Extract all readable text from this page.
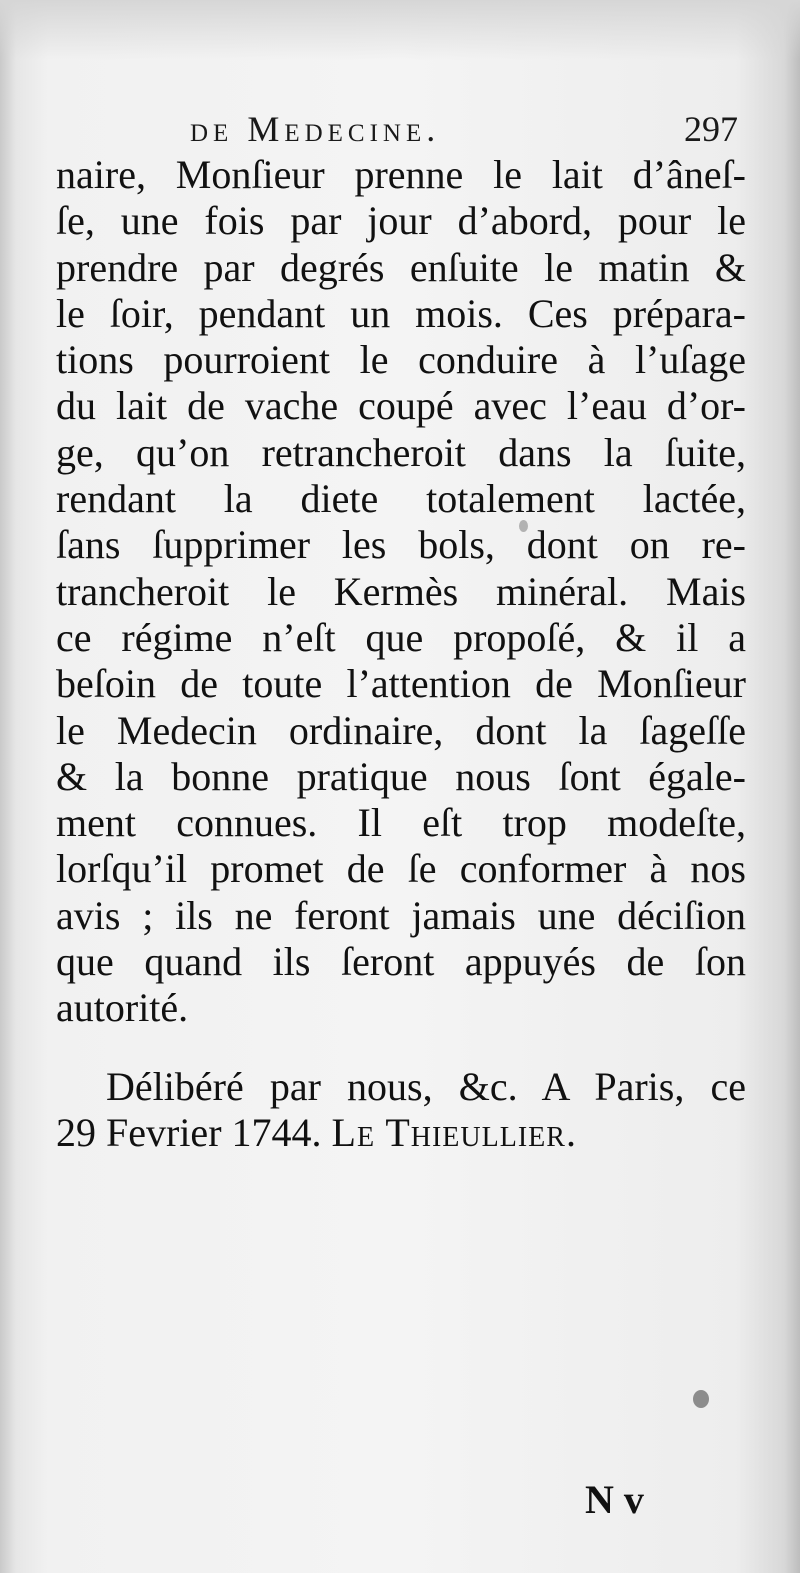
de Medecine.	297
naire, Monſieur prenne le lait d’âneſ-
ſe, une fois par jour d’abord, pour le
prendre par degrés enſuite le matin &
le ſoir, pendant un mois. Ces prépara-
tions pourroient le conduire à l’uſage
du lait de vache coupé avec l’eau d’or-
ge, qu’on retrancheroit dans la ſuite,
rendant la diete totalement lactée,
ſans ſupprimer les bols, dont on re-
trancheroit le Kermès minéral. Mais
ce régime n’eſt que propoſé, & il a
beſoin de toute l’attention de Monſieur
le Medecin ordinaire, dont la ſageſſe
& la bonne pratique nous ſont égale-
ment connues. Il eſt trop modeſte,
lorſqu’il promet de ſe conformer à nos
avis ; ils ne feront jamais une déciſion
que quand ils ſeront appuyés de ſon
autorité.
Délibéré par nous, &c. A Paris, ce
29 Fevrier 1744. Le Thieullier.
N v
